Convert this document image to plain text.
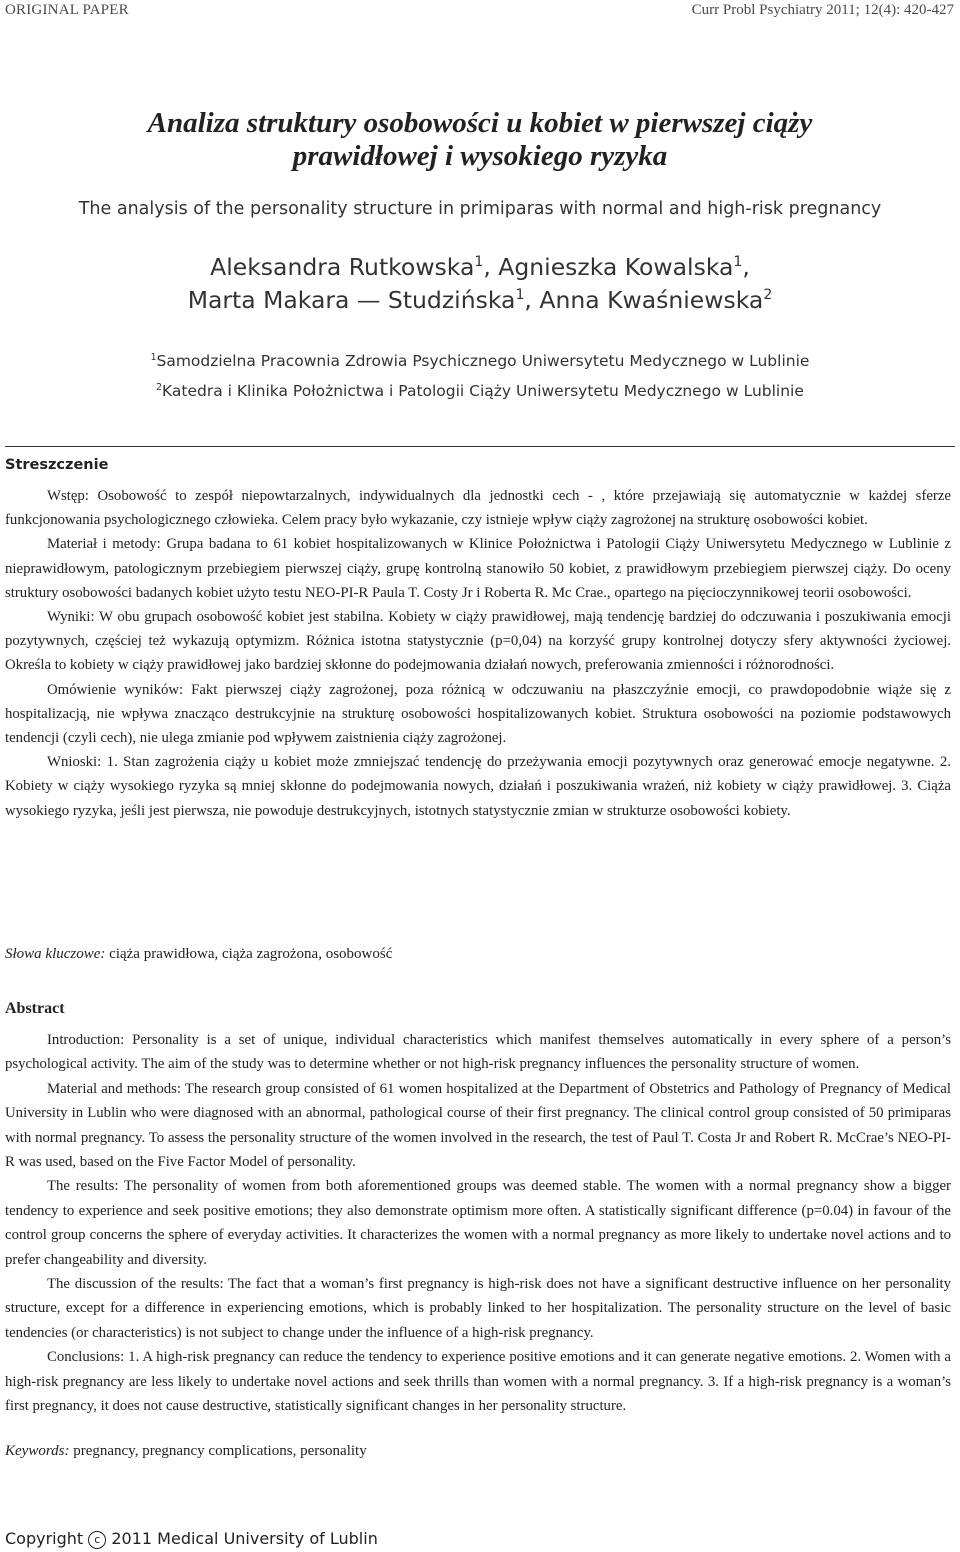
ORIGINAL PAPER	Curr Probl Psychiatry 2011; 12(4): 420-427
Analiza struktury osobowości u kobiet w pierwszej ciąży
prawidłowej i wysokiego ryzyka
The analysis of the personality structure in primiparas with normal and high-risk pregnancy
Aleksandra Rutkowska$^1$, Agnieszka Kowalska$^1$,
Marta Makara — Studzińska$^1$, Anna Kwaśniewska$^2$
$^1$Samodzielna Pracownia Zdrowia Psychicznego Uniwersytetu Medycznego w Lublinie
$^2$Katedra i Klinika Położnictwa i Patologii Ciąży Uniwersytetu Medycznego w Lublinie
Streszczenie

Wstęp: Osobowość to zespół niepowtarzalnych, indywidualnych dla jednostki cech - , które przejawiają się automatycznie w każdej sferze funkcjonowania psychologicznego człowieka. Celem pracy było wykazanie, czy istnieje wpływ ciąży zagrożonej na strukturę osobowości kobiet.

Materiał i metody: Grupa badana to 61 kobiet hospitalizowanych w Klinice Położnictwa i Patologii Ciąży Uniwersytetu Medycznego w Lublinie z nieprawidłowym, patologicznym przebiegiem pierwszej ciąży, grupę kontrolną stanowiło 50 kobiet, z prawidłowym przebiegiem pierwszej ciąży. Do oceny struktury osobowości badanych kobiet użyto testu NEO-PI-R Paula T. Costy Jr i Roberta R. Mc Crae., opartego na pięcioczynnikowej teorii osobowości.

Wyniki: W obu grupach osobowość kobiet jest stabilna. Kobiety w ciąży prawidłowej, mają tendencję bardziej do odczuwania i poszukiwania emocji pozytywnych, częściej też wykazują optymizm. Różnica istotna statystycznie (p=0,04) na korzyść grupy kontrolnej dotyczy sfery aktywności życiowej. Określa to kobiety w ciąży prawidłowej jako bardziej skłonne do podejmowania działań nowych, preferowania zmienności i różnorodności.

Omówienie wyników: Fakt pierwszej ciąży zagrożonej, poza różnicą w odczuwaniu na płaszczyźnie emocji, co prawdopodobnie wiąże się z hospitalizacją, nie wpływa znacząco destrukcyjnie na strukturę osobowości hospitalizowanych kobiet. Struktura osobowości na poziomie podstawowych tendencji (czyli cech), nie ulega zmianie pod wpływem zaistnienia ciąży zagrożonej.

Wnioski: 1. Stan zagrożenia ciąży u kobiet może zmniejszać tendencję do przeżywania emocji pozytywnych oraz generować emocje negatywne. 2. Kobiety w ciąży wysokiego ryzyka są mniej skłonne do podejmowania nowych, działań i poszukiwania wrażeń, niż kobiety w ciąży prawidłowej. 3. Ciąża wysokiego ryzyka, jeśli jest pierwsza, nie powoduje destrukcyjnych, istotnych statystycznie zmian w strukturze osobowości kobiety.

Słowa kluczowe: ciąża prawidłowa, ciąża zagrożona, osobowość
Abstract

Introduction: Personality is a set of unique, individual characteristics which manifest themselves automatically in every sphere of a person’s psychological activity. The aim of the study was to determine whether or not high-risk pregnancy influences the personality structure of women.

Material and methods: The research group consisted of 61 women hospitalized at the Department of Obstetrics and Pathology of Pregnancy of Medical University in Lublin who were diagnosed with an abnormal, pathological course of their first pregnancy. The clinical control group consisted of 50 primiparas with normal pregnancy. To assess the personality structure of the women involved in the research, the test of Paul T. Costa Jr and Robert R. McCrae’s NEO-PI-R was used, based on the Five Factor Model of personality.

The results: The personality of women from both aforementioned groups was deemed stable. The women with a normal pregnancy show a bigger tendency to experience and seek positive emotions; they also demonstrate optimism more often. A statistically significant difference (p=0.04) in favour of the control group concerns the sphere of everyday activities. It characterizes the women with a normal pregnancy as more likely to undertake novel actions and to prefer changeability and diversity.

The discussion of the results: The fact that a woman’s first pregnancy is high-risk does not have a significant destructive influence on her personality structure, except for a difference in experiencing emotions, which is probably linked to her hospitalization. The personality structure on the level of basic tendencies (or characteristics) is not subject to change under the influence of a high-risk pregnancy.

Conclusions: 1. A high-risk pregnancy can reduce the tendency to experience positive emotions and it can generate negative emotions. 2. Women with a high-risk pregnancy are less likely to undertake novel actions and seek thrills than women with a normal pregnancy. 3. If a high-risk pregnancy is a woman’s first pregnancy, it does not cause destructive, statistically significant changes in her personality structure.

Keywords: pregnancy, pregnancy complications, personality
Copyright c 2011 Medical University of Lublin
